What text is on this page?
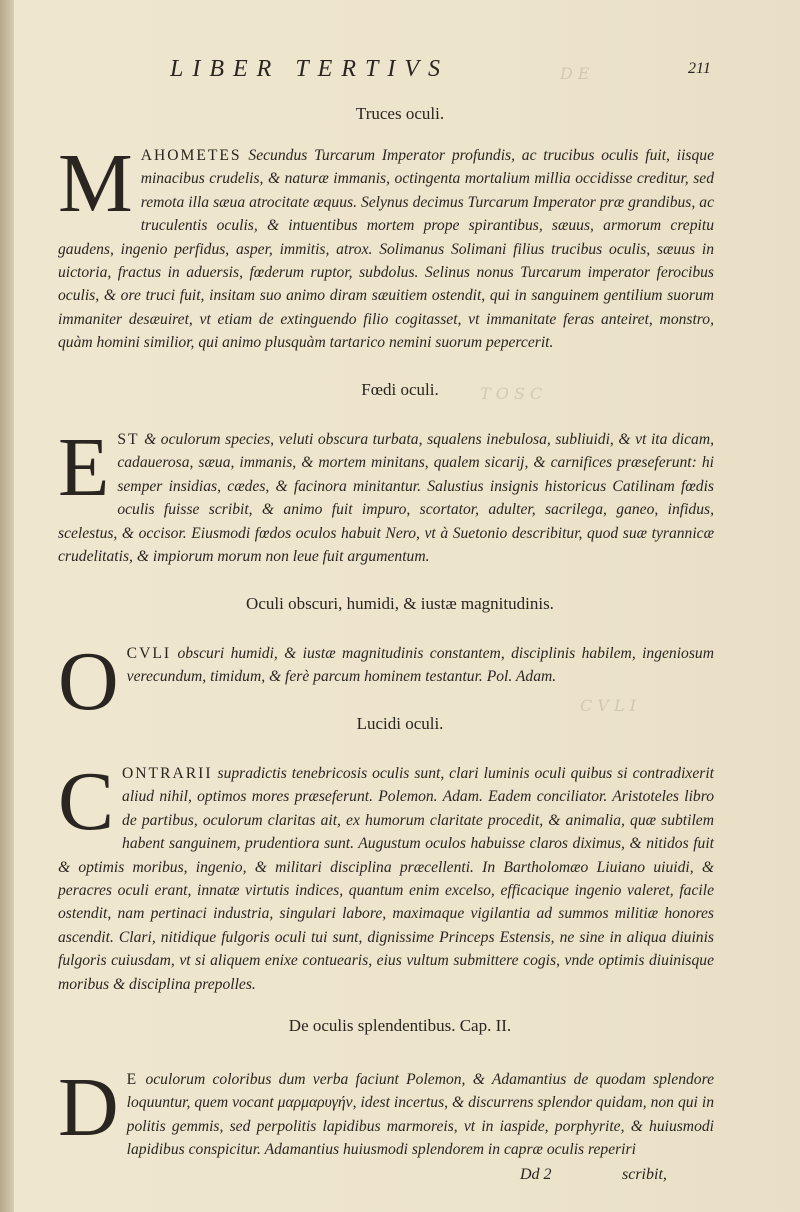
D E
T O S C
C V L I
LIBER TERTIVS	211
Truces oculi.

M AHOMETES Secundus Turcarum Imperator profundis, ac trucibus oculis fuit, iisque minacibus crudelis, & naturæ immanis, octingenta mortalium millia occidisse creditur, sed remota illa sæua atrocitate æquus. Selynus decimus Turcarum Imperator præ grandibus, ac truculentis oculis, & intuentibus mortem prope spirantibus, sæuus, armorum crepitu gaudens, ingenio perfidus, asper, immitis, atrox. Solimanus Solimani filius trucibus oculis, sæuus in uictoria, fractus in aduersis, fœderum ruptor, subdolus. Selinus nonus Turcarum imperator ferocibus oculis, & ore truci fuit, insitam suo animo diram sæuitiem ostendit, qui in sanguinem gentilium suorum immaniter desæuiret, vt etiam de extinguendo filio cogitasset, vt immanitate feras anteiret, monstro, quàm homini similior, qui animo plusquàm tartarico nemini suorum pepercerit.

Fœdi oculi.

E ST & oculorum species, veluti obscura turbata, squalens inebulosa, subliuidi, & vt ita dicam, cadauerosa, sæua, immanis, & mortem minitans, qualem sicarij, & carnifices præseferunt: hi semper insidias, cædes, & facinora minitantur. Salustius insignis historicus Catilinam fœdis oculis fuisse scribit, & animo fuit impuro, scortator, adulter, sacrilega, ganeo, infidus, scelestus, & occisor. Eiusmodi fœdos oculos habuit Nero, vt à Suetonio describitur, quod suæ tyrannicæ crudelitatis, & impiorum morum non leue fuit argumentum.

Oculi obscuri, humidi, & iustæ magnitudinis.

O CVLI obscuri humidi, & iustæ magnitudinis constantem, disciplinis habilem, ingeniosum verecundum, timidum, & ferè parcum hominem testantur. Pol. Adam.

Lucidi oculi.

C ONTRARII supradictis tenebricosis oculis sunt, clari luminis oculi quibus si contradixerit aliud nihil, optimos mores præseferunt. Polemon. Adam. Eadem conciliator. Aristoteles libro de partibus, oculorum claritas ait, ex humorum claritate procedit, & animalia, quæ subtilem habent sanguinem, prudentiora sunt. Augustum oculos habuisse claros diximus, & nitidos fuit & optimis moribus, ingenio, & militari disciplina præcellenti. In Bartholomæo Liuiano uiuidi, & peracres oculi erant, innatæ virtutis indices, quantum enim excelso, efficacique ingenio valeret, facile ostendit, nam pertinaci industria, singulari labore, maximaque vigilantia ad summos militiæ honores ascendit. Clari, nitidique fulgoris oculi tui sunt, dignissime Princeps Estensis, ne sine in aliqua diuinis fulgoris cuiusdam, vt si aliquem enixe contuearis, eius vultum submittere cogis, vnde optimis diuinisque moribus & disciplina prepolles.

De oculis splendentibus. Cap. II.

D E oculorum coloribus dum verba faciunt Polemon, & Adamantius de quodam splendore loquuntur, quem vocant μαρμαρυγήν, idest incertus, & discurrens splendor quidam, non qui in politis gemmis, sed perpolitis lapidibus marmoreis, vt in iaspide, porphyrite, & huiusmodi lapidibus conspicitur. Adamantius huiusmodi splendorem in capræ oculis reperiri

Dd 2	scribit,
